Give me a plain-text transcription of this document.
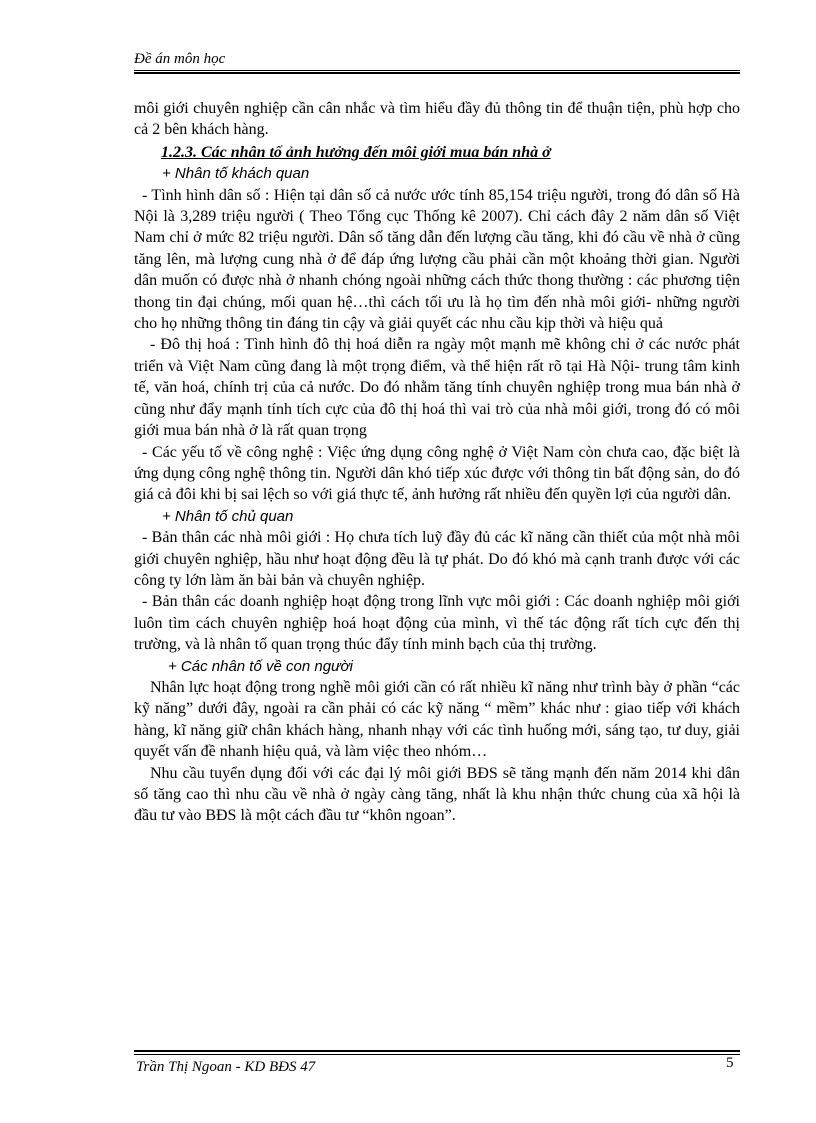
Đề án môn học

môi giới chuyên nghiệp cần cân nhắc và tìm hiểu đầy đủ thông tin để thuận tiện, phù hợp cho cả 2 bên khách hàng.

1.2.3. Các nhân tố ảnh hưởng đến môi giới mua bán nhà ở

+ Nhân tố khách quan

- Tình hình dân số : Hiện tại dân số cả nước ước tính 85,154 triệu người, trong đó dân số Hà Nội là 3,289 triệu người ( Theo Tổng cục Thống kê 2007). Chỉ cách đây 2 năm dân số Việt Nam chỉ ở mức 82 triệu người. Dân số tăng dẫn đến lượng cầu tăng, khi đó cầu về nhà ở cũng tăng lên, mà lượng cung nhà ở để đáp ứng lượng cầu phải cần một khoảng thời gian. Người dân muốn có được nhà ở nhanh chóng ngoài những cách thức thong thường : các phương tiện thong tin đại chúng, mối quan hệ…thì cách tối ưu là họ tìm đến nhà môi giới- những người cho họ những thông tin đáng tin cậy và giải quyết các nhu cầu kịp thời và hiệu quả

- Đô thị hoá : Tình hình đô thị hoá diễn ra ngày một mạnh mẽ không chỉ ở các nước phát triển và Việt Nam cũng đang là một trọng điểm, và thể hiện rất rõ tại Hà Nội- trung tâm kinh tế, văn hoá, chính trị của cả nước. Do đó nhằm tăng tính chuyên nghiệp trong mua bán nhà ở cũng như đẩy mạnh tính tích cực của đô thị hoá thì vai trò của nhà môi giới, trong đó có môi giới mua bán nhà ở là rất quan trọng

- Các yếu tố về công nghệ : Việc ứng dụng công nghệ ở Việt Nam còn chưa cao, đặc biệt là ứng dụng công nghệ thông tin. Người dân khó tiếp xúc được với thông tin bất động sản, do đó giá cả đôi khi bị sai lệch so với giá thực tế, ảnh hưởng rất nhiều đến quyền lợi của người dân.

+ Nhân tố chủ quan

- Bản thân các nhà môi giới : Họ chưa tích luỹ đầy đủ các kĩ năng cần thiết của một nhà môi giới chuyên nghiệp, hầu như hoạt động đều là tự phát. Do đó khó mà cạnh tranh được với các công ty lớn làm ăn bài bản và chuyên nghiệp.

- Bản thân các doanh nghiệp hoạt động trong lĩnh vực môi giới : Các doanh nghiệp môi giới luôn tìm cách chuyên nghiệp hoá hoạt động của mình, vì thế tác động rất tích cực đến thị trường, và là nhân tố quan trọng thúc đẩy tính minh bạch của thị trường.

+ Các nhân tố về con người

Nhân lực hoạt động trong nghề môi giới cần có rất nhiều kĩ năng như trình bày ở phần “các kỹ năng” dưới đây, ngoài ra cần phải có các kỹ năng “ mềm” khác như : giao tiếp với khách hàng, kĩ năng giữ chân khách hàng, nhanh nhạy với các tình huống mới, sáng tạo, tư duy, giải quyết vấn đề nhanh hiệu quả, và làm việc theo nhóm…

Nhu cầu tuyển dụng đối với các đại lý môi giới BĐS sẽ tăng mạnh đến năm 2014 khi dân số tăng cao thì nhu cầu về nhà ở ngày càng tăng, nhất là khu nhận thức chung của xã hội là đầu tư vào BĐS là một cách đầu tư “khôn ngoan”.

Trần Thị Ngoan - KD BĐS 47	5
